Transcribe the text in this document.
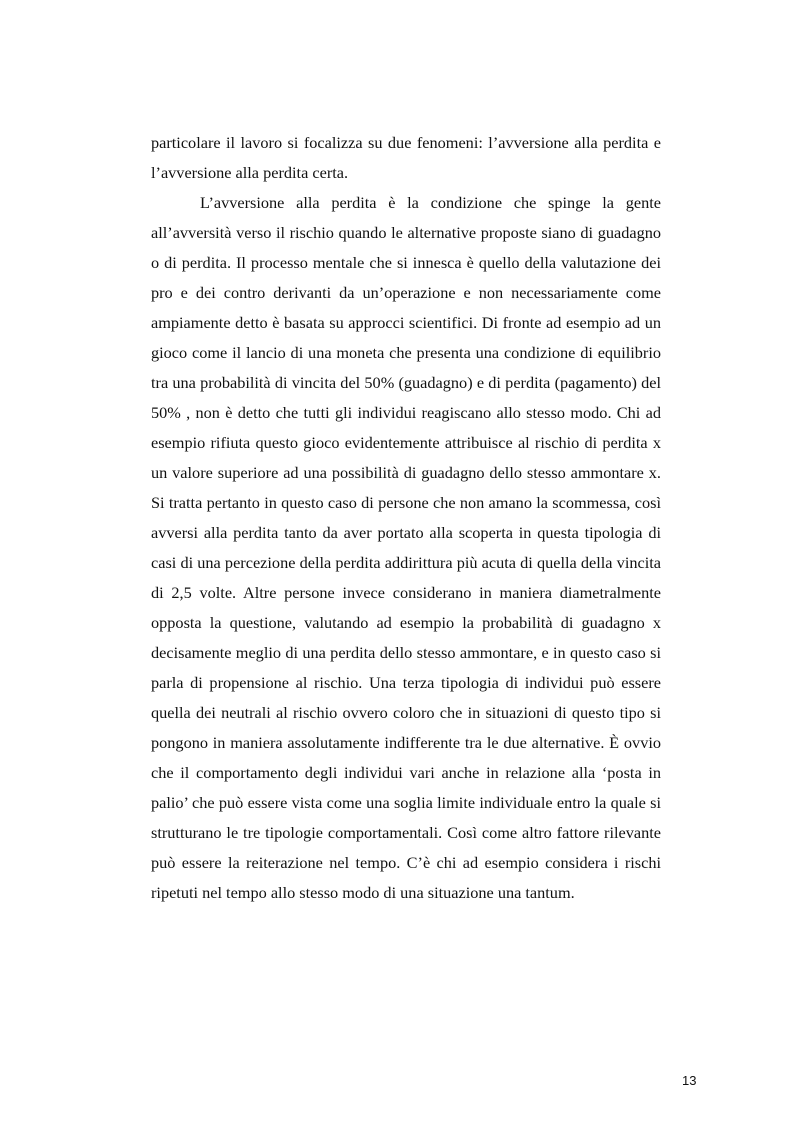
particolare il lavoro si focalizza su due fenomeni: l’avversione alla perdita e l’avversione alla perdita certa.

L’avversione alla perdita è la condizione che spinge la gente all’avversità verso il rischio quando le alternative proposte siano di guadagno o di perdita. Il processo mentale che si innesca è quello della valutazione dei pro e dei contro derivanti da un’operazione e non necessariamente come ampiamente detto è basata su approcci scientifici. Di fronte ad esempio ad un gioco come il lancio di una moneta che presenta una condizione di equilibrio tra una probabilità di vincita del 50% (guadagno) e di perdita (pagamento) del 50% , non è detto che tutti gli individui reagiscano allo stesso modo. Chi ad esempio rifiuta questo gioco evidentemente attribuisce al rischio di perdita x un valore superiore ad una possibilità di guadagno dello stesso ammontare x. Si tratta pertanto in questo caso di persone che non amano la scommessa, così avversi alla perdita tanto da aver portato alla scoperta in questa tipologia di casi di una percezione della perdita addirittura più acuta di quella della vincita di 2,5 volte. Altre persone invece considerano in maniera diametralmente opposta la questione, valutando ad esempio la probabilità di guadagno x decisamente meglio di una perdita dello stesso ammontare, e in questo caso si parla di propensione al rischio. Una terza tipologia di individui può essere quella dei neutrali al rischio ovvero coloro che in situazioni di questo tipo si pongono in maniera assolutamente indifferente tra le due alternative. È ovvio che il comportamento degli individui vari anche in relazione alla ‘posta in palio’ che può essere vista come una soglia limite individuale entro la quale si strutturano le tre tipologie comportamentali. Così come altro fattore rilevante può essere la reiterazione nel tempo. C’è chi ad esempio considera i rischi ripetuti nel tempo allo stesso modo di una situazione una tantum.

13
